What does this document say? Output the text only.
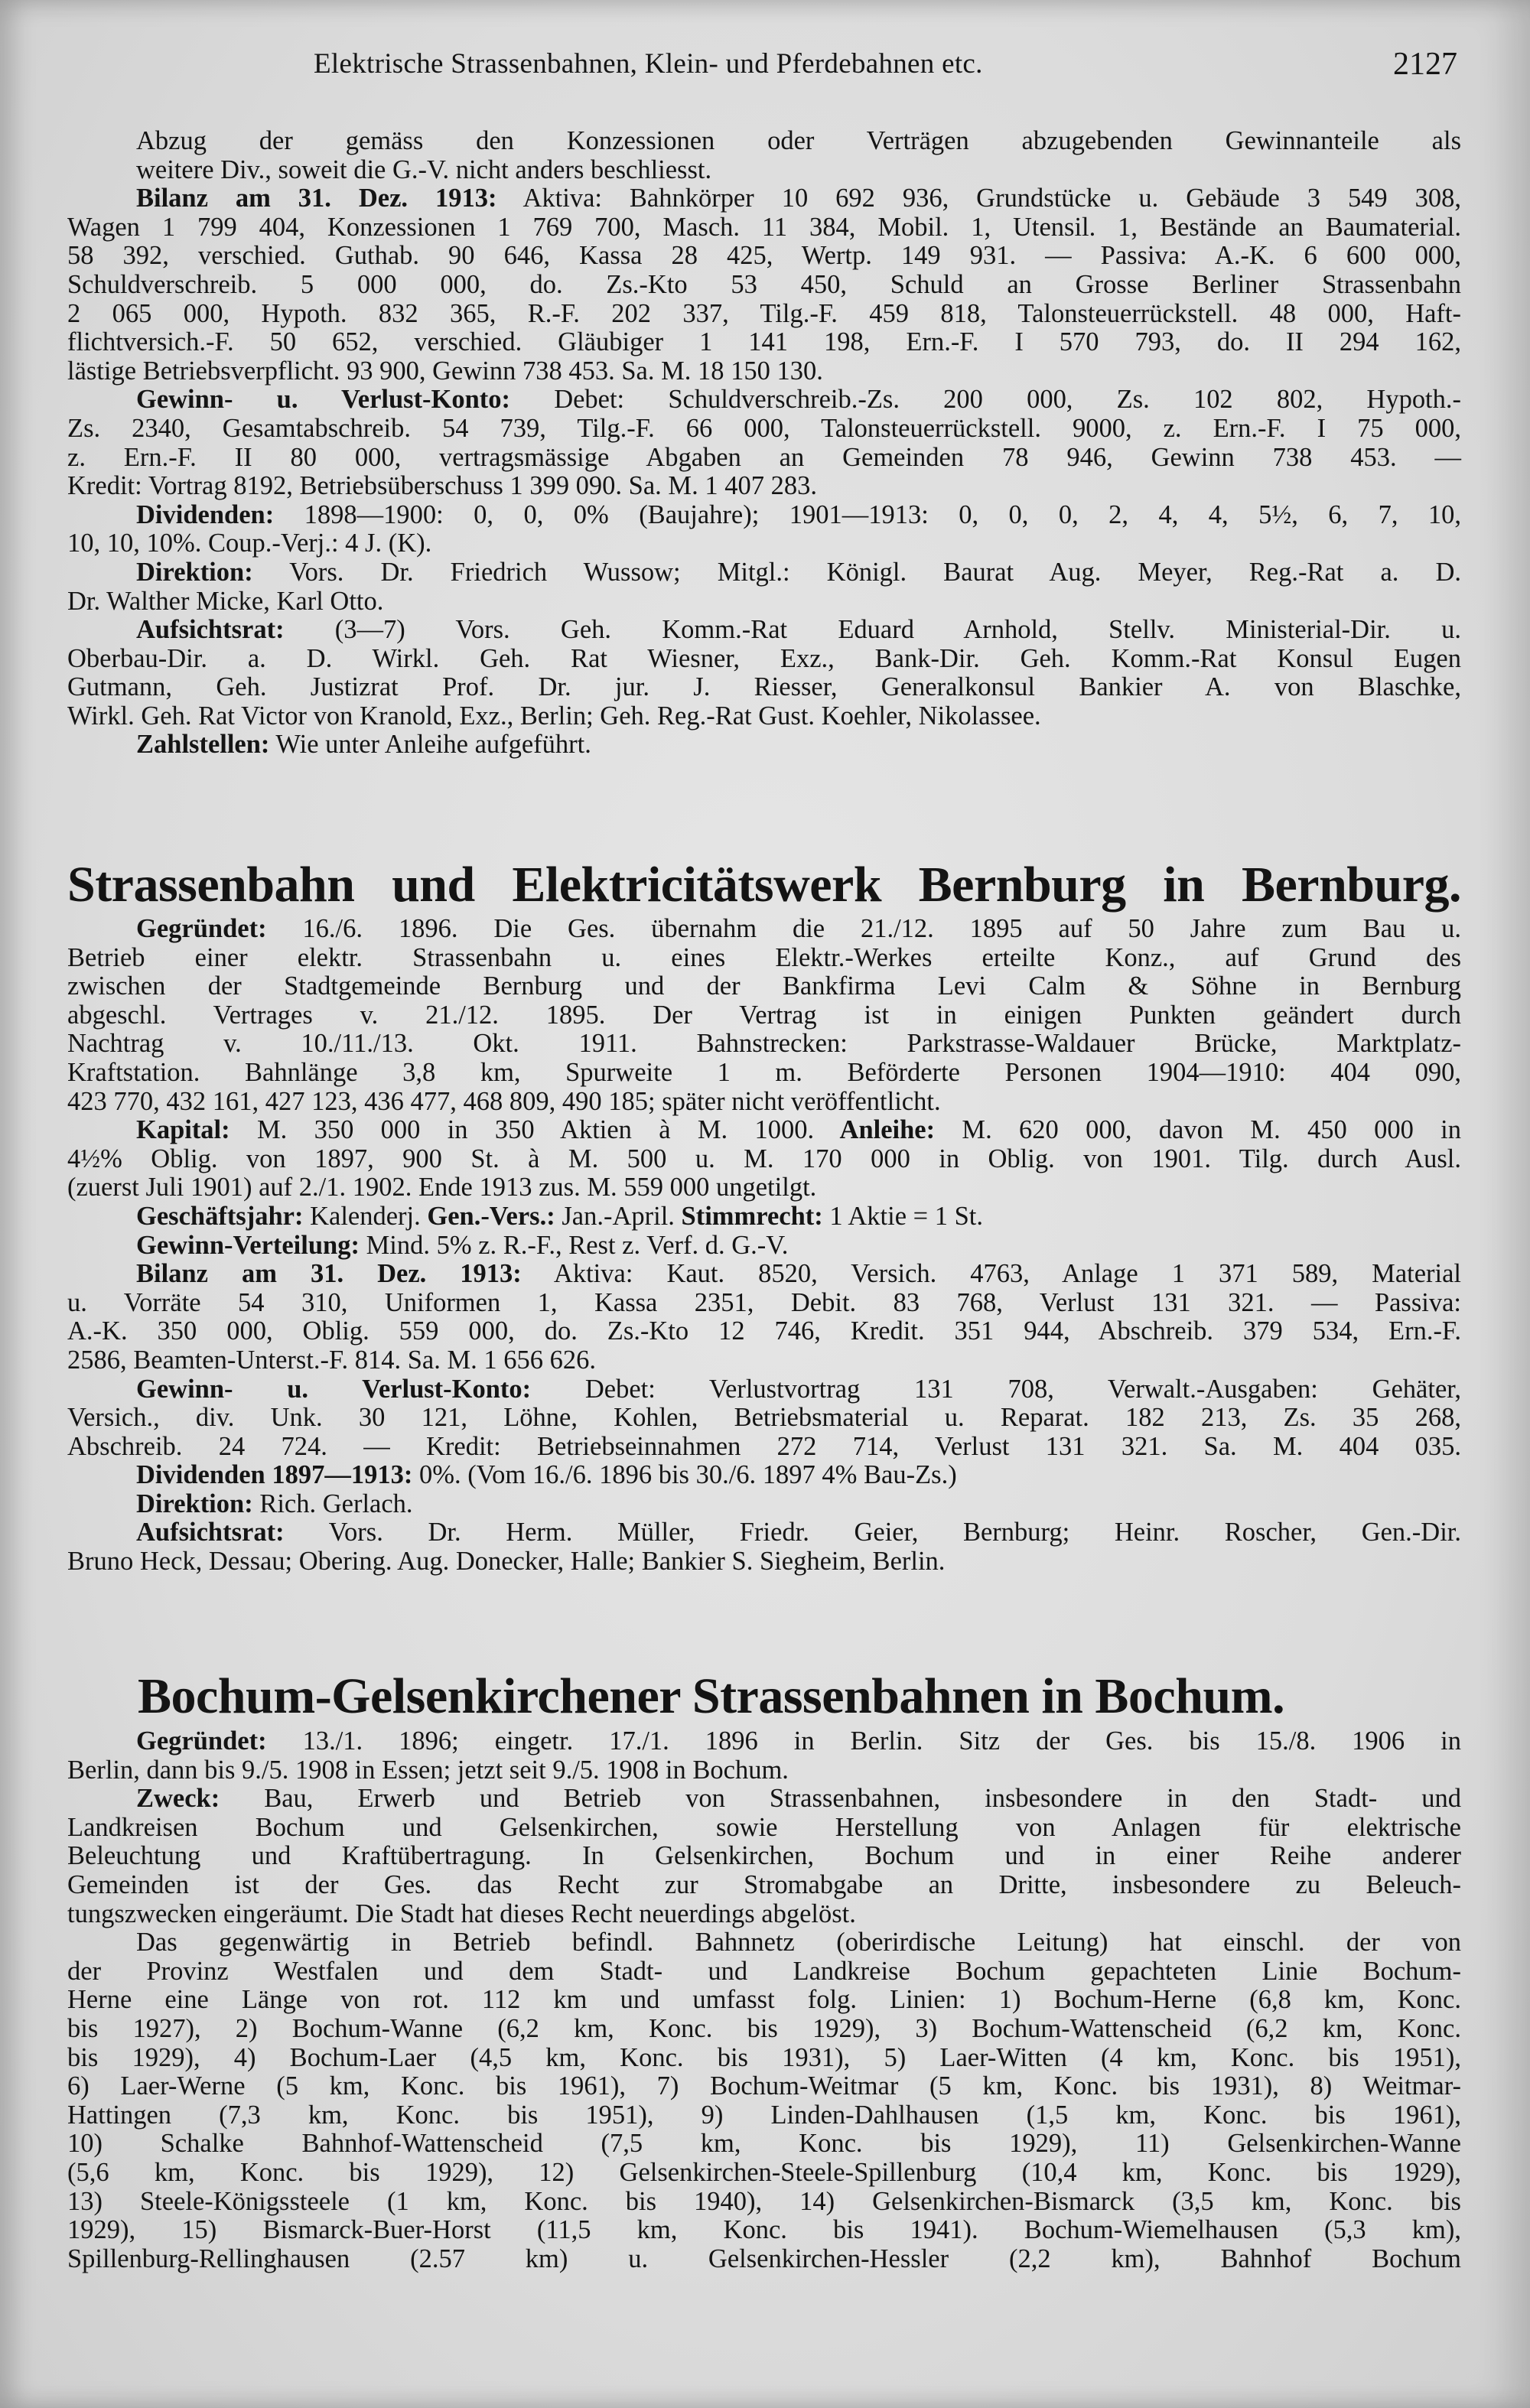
Elektrische Strassenbahnen, Klein- und Pferdebahnen etc.	2127
Abzug der gemäss den Konzessionen oder Verträgen abzugebenden Gewinnanteile als
weitere Div., soweit die G.-V. nicht anders beschliesst.
Bilanz am 31. Dez. 1913: Aktiva: Bahnkörper 10 692 936, Grundstücke u. Gebäude 3 549 308,
Wagen 1 799 404, Konzessionen 1 769 700, Masch. 11 384, Mobil. 1, Utensil. 1, Bestände an Baumaterial.
58 392, verschied. Guthab. 90 646, Kassa 28 425, Wertp. 149 931. — Passiva: A.-K. 6 600 000,
Schuldverschreib. 5 000 000, do. Zs.-Kto 53 450, Schuld an Grosse Berliner Strassenbahn
2 065 000, Hypoth. 832 365, R.-F. 202 337, Tilg.-F. 459 818, Talonsteuerrückstell. 48 000, Haft-
flichtversich.-F. 50 652, verschied. Gläubiger 1 141 198, Ern.-F. I 570 793, do. II 294 162,
lästige Betriebsverpflicht. 93 900, Gewinn 738 453. Sa. M. 18 150 130.
Gewinn- u. Verlust-Konto: Debet: Schuldverschreib.-Zs. 200 000, Zs. 102 802, Hypoth.-
Zs. 2340, Gesamtabschreib. 54 739, Tilg.-F. 66 000, Talonsteuerrückstell. 9000, z. Ern.-F. I 75 000,
z. Ern.-F. II 80 000, vertragsmässige Abgaben an Gemeinden 78 946, Gewinn 738 453. —
Kredit: Vortrag 8192, Betriebsüberschuss 1 399 090. Sa. M. 1 407 283.
Dividenden: 1898—1900: 0, 0, 0% (Baujahre); 1901—1913: 0, 0, 0, 2, 4, 4, 5½, 6, 7, 10,
10, 10, 10%. Coup.-Verj.: 4 J. (K).
Direktion: Vors. Dr. Friedrich Wussow; Mitgl.: Königl. Baurat Aug. Meyer, Reg.-Rat a. D.
Dr. Walther Micke, Karl Otto.
Aufsichtsrat: (3—7) Vors. Geh. Komm.-Rat Eduard Arnhold, Stellv. Ministerial-Dir. u.
Oberbau-Dir. a. D. Wirkl. Geh. Rat Wiesner, Exz., Bank-Dir. Geh. Komm.-Rat Konsul Eugen
Gutmann, Geh. Justizrat Prof. Dr. jur. J. Riesser, Generalkonsul Bankier A. von Blaschke,
Wirkl. Geh. Rat Victor von Kranold, Exz., Berlin; Geh. Reg.-Rat Gust. Koehler, Nikolassee.
Zahlstellen: Wie unter Anleihe aufgeführt.
Strassenbahn und Elektricitätswerk Bernburg in Bernburg.
Gegründet: 16./6. 1896. Die Ges. übernahm die 21./12. 1895 auf 50 Jahre zum Bau u.
Betrieb einer elektr. Strassenbahn u. eines Elektr.-Werkes erteilte Konz., auf Grund des
zwischen der Stadtgemeinde Bernburg und der Bankfirma Levi Calm & Söhne in Bernburg
abgeschl. Vertrages v. 21./12. 1895. Der Vertrag ist in einigen Punkten geändert durch
Nachtrag v. 10./11./13. Okt. 1911. Bahnstrecken: Parkstrasse-Waldauer Brücke, Marktplatz-
Kraftstation. Bahnlänge 3,8 km, Spurweite 1 m. Beförderte Personen 1904—1910: 404 090,
423 770, 432 161, 427 123, 436 477, 468 809, 490 185; später nicht veröffentlicht.
Kapital: M. 350 000 in 350 Aktien à M. 1000. Anleihe: M. 620 000, davon M. 450 000 in
4½% Oblig. von 1897, 900 St. à M. 500 u. M. 170 000 in Oblig. von 1901. Tilg. durch Ausl.
(zuerst Juli 1901) auf 2./1. 1902. Ende 1913 zus. M. 559 000 ungetilgt.
Geschäftsjahr: Kalenderj. Gen.-Vers.: Jan.-April. Stimmrecht: 1 Aktie = 1 St.
Gewinn-Verteilung: Mind. 5% z. R.-F., Rest z. Verf. d. G.-V.
Bilanz am 31. Dez. 1913: Aktiva: Kaut. 8520, Versich. 4763, Anlage 1 371 589, Material
u. Vorräte 54 310, Uniformen 1, Kassa 2351, Debit. 83 768, Verlust 131 321. — Passiva:
A.-K. 350 000, Oblig. 559 000, do. Zs.-Kto 12 746, Kredit. 351 944, Abschreib. 379 534, Ern.-F.
2586, Beamten-Unterst.-F. 814. Sa. M. 1 656 626.
Gewinn- u. Verlust-Konto: Debet: Verlustvortrag 131 708, Verwalt.-Ausgaben: Gehäter,
Versich., div. Unk. 30 121, Löhne, Kohlen, Betriebsmaterial u. Reparat. 182 213, Zs. 35 268,
Abschreib. 24 724. — Kredit: Betriebseinnahmen 272 714, Verlust 131 321. Sa. M. 404 035.
Dividenden 1897—1913: 0%. (Vom 16./6. 1896 bis 30./6. 1897 4% Bau-Zs.)
Direktion: Rich. Gerlach.
Aufsichtsrat: Vors. Dr. Herm. Müller, Friedr. Geier, Bernburg; Heinr. Roscher, Gen.-Dir.
Bruno Heck, Dessau; Obering. Aug. Donecker, Halle; Bankier S. Siegheim, Berlin.
Bochum-Gelsenkirchener Strassenbahnen in Bochum.
Gegründet: 13./1. 1896; eingetr. 17./1. 1896 in Berlin. Sitz der Ges. bis 15./8. 1906 in
Berlin, dann bis 9./5. 1908 in Essen; jetzt seit 9./5. 1908 in Bochum.
Zweck: Bau, Erwerb und Betrieb von Strassenbahnen, insbesondere in den Stadt- und
Landkreisen Bochum und Gelsenkirchen, sowie Herstellung von Anlagen für elektrische
Beleuchtung und Kraftübertragung. In Gelsenkirchen, Bochum und in einer Reihe anderer
Gemeinden ist der Ges. das Recht zur Stromabgabe an Dritte, insbesondere zu Beleuch-
tungszwecken eingeräumt. Die Stadt hat dieses Recht neuerdings abgelöst.
Das gegenwärtig in Betrieb befindl. Bahnnetz (oberirdische Leitung) hat einschl. der von
der Provinz Westfalen und dem Stadt- und Landkreise Bochum gepachteten Linie Bochum-
Herne eine Länge von rot. 112 km und umfasst folg. Linien: 1) Bochum-Herne (6,8 km, Konc.
bis 1927), 2) Bochum-Wanne (6,2 km, Konc. bis 1929), 3) Bochum-Wattenscheid (6,2 km, Konc.
bis 1929), 4) Bochum-Laer (4,5 km, Konc. bis 1931), 5) Laer-Witten (4 km, Konc. bis 1951),
6) Laer-Werne (5 km, Konc. bis 1961), 7) Bochum-Weitmar (5 km, Konc. bis 1931), 8) Weitmar-
Hattingen (7,3 km, Konc. bis 1951), 9) Linden-Dahlhausen (1,5 km, Konc. bis 1961),
10) Schalke Bahnhof-Wattenscheid (7,5 km, Konc. bis 1929), 11) Gelsenkirchen-Wanne
(5,6 km, Konc. bis 1929), 12) Gelsenkirchen-Steele-Spillenburg (10,4 km, Konc. bis 1929),
13) Steele-Königssteele (1 km, Konc. bis 1940), 14) Gelsenkirchen-Bismarck (3,5 km, Konc. bis
1929), 15) Bismarck-Buer-Horst (11,5 km, Konc. bis 1941). Bochum-Wiemelhausen (5,3 km),
Spillenburg-Rellinghausen (2.57 km) u. Gelsenkirchen-Hessler (2,2 km), Bahnhof Bochum
